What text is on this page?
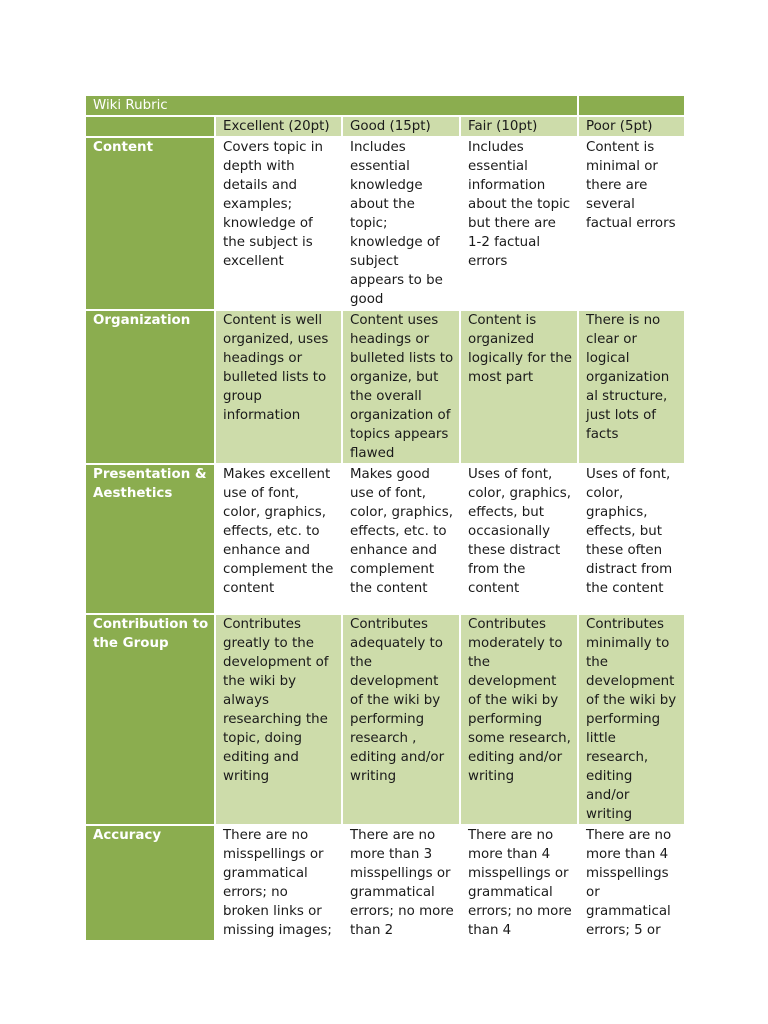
Wiki Rubric				
	Excellent (20pt)	Good (15pt)	Fair (10pt)	Poor (5pt)
Content	Covers topic in depth with details and examples; knowledge of the subject is excellent	Includes essential knowledge about the topic; knowledge of subject appears to be good	Includes essential information about the topic but there are 1-2 factual errors	Content is minimal or there are several factual errors
Organization	Content is well organized, uses headings or bulleted lists to group information	Content uses headings or bulleted lists to organize, but the overall organization of topics appears flawed	Content is organized logically for the most part	There is no clear or logical organization al structure, just lots of facts
Presentation & Aesthetics	Makes excellent use of font, color, graphics, effects, etc. to enhance and complement the content	Makes good use of font, color, graphics, effects, etc. to enhance and complement the content	Uses of font, color, graphics, effects, but occasionally these distract from the content	Uses of font, color, graphics, effects, but these often distract from the content
Contribution to the Group	Contributes greatly to the development of the wiki by always researching the topic, doing editing and writing	Contributes adequately to the development of the wiki by performing research , editing and/or writing	Contributes moderately to the development of the wiki by performing some research, editing and/or writing	Contributes minimally to the development of the wiki by performing little research, editing and/or writing
Accuracy	There are no misspellings or grammatical errors; no broken links or missing images;	There are no more than 3 misspellings or grammatical errors; no more than 2	There are no more than 4 misspellings or grammatical errors; no more than 4	There are no more than 4 misspellings or grammatical errors; 5 or
